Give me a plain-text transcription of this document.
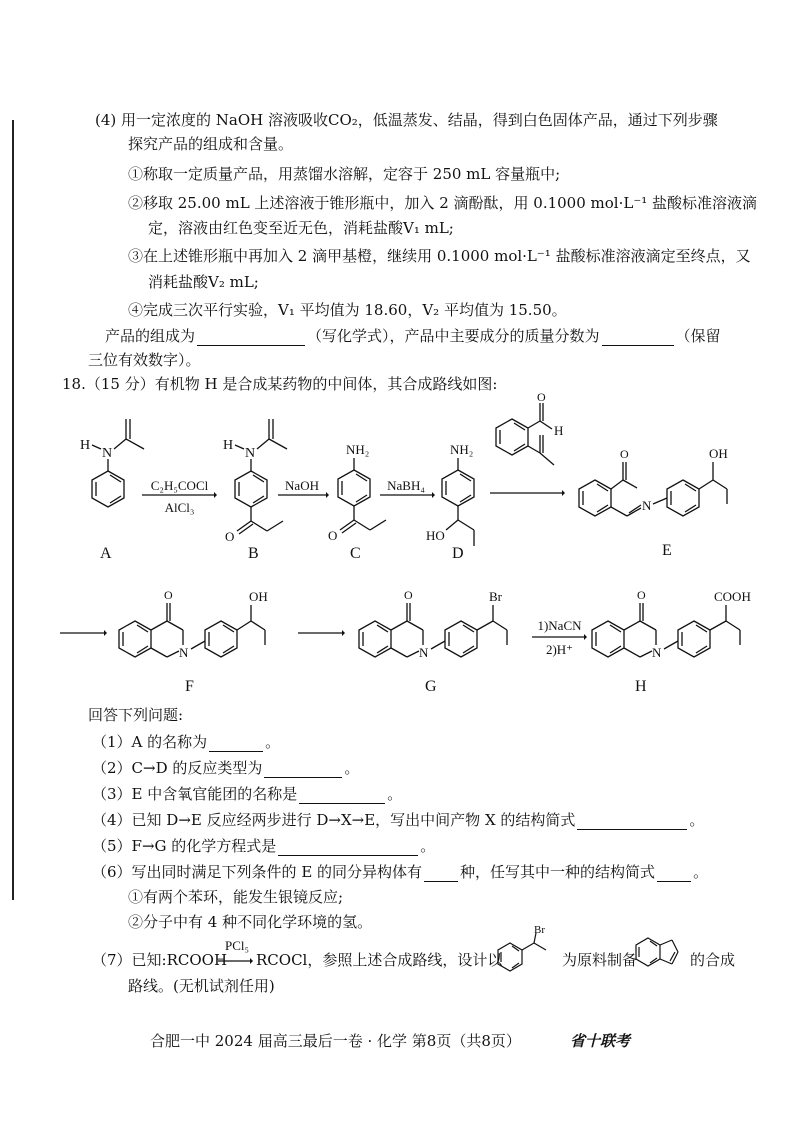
(4) 用一定浓度的 NaOH 溶液吸收CO₂，低温蒸发、结晶，得到白色固体产品，通过下列步骤
探究产品的组成和含量。
①称取一定质量产品，用蒸馏水溶解，定容于 250 mL 容量瓶中;
②移取 25.00 mL 上述溶液于锥形瓶中，加入 2 滴酚酞，用 0.1000 mol·L⁻¹ 盐酸标准溶液滴
定，溶液由红色变至近无色，消耗盐酸V₁ mL;
③在上述锥形瓶中再加入 2 滴甲基橙，继续用 0.1000 mol·L⁻¹ 盐酸标准溶液滴定至终点，又
消耗盐酸V₂ mL;
④完成三次平行实验，V₁ 平均值为 18.60，V₂ 平均值为 15.50。
产品的组成为	（写化学式），产品中主要成分的质量分数为	（保留
三位有效数字）。
18.（15 分）有机物 H 是合成某药物的中间体，其合成路线如图:
H
N
A
C₂H₅COCl
AlCl₃
H
N
O
B
NaOH
NH₂
O
C
NaBH₄
NH₂
HO
D
O
H
O
N
OH
E
O
N
OH
F
O
N
Br
G
1)NaCN
2)H⁺
O
N
COOH
H
回答下列问题:
（1）A 的名称为	。
（2）C→D 的反应类型为	。
（3）E 中含氧官能团的名称是	。
（4）已知 D→E 反应经两步进行 D→X→E，写出中间产物 X 的结构简式	。
（5）F→G 的化学方程式是	。
（6）写出同时满足下列条件的 E 的同分异构体有	种，任写其中一种的结构简式	。
①有两个苯环，能发生银镜反应;
②分子中有 4 种不同化学环境的氢。
（7）已知:RCOOH
PCl₅
RCOCl，参照上述合成路线，设计以
Br
为原料制备	的合成
路线。(无机试剂任用)
合肥一中 2024 届高三最后一卷 · 化学 第8页（共8页）	省十联考
